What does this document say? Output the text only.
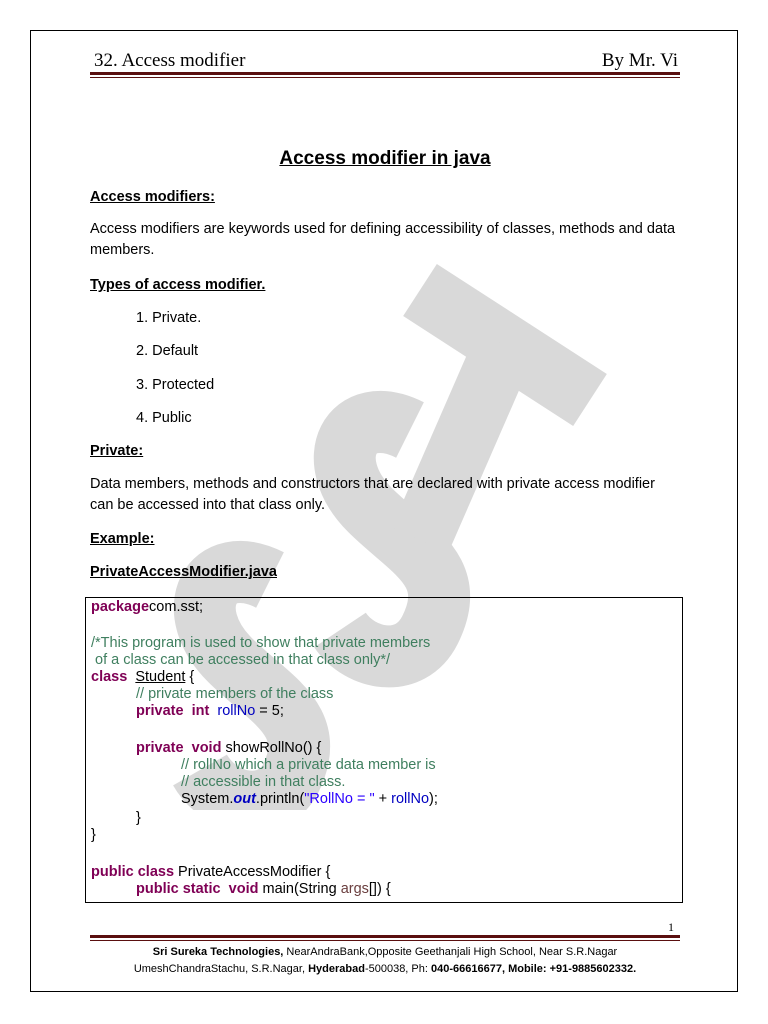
32. Access modifier	By Mr. Vi
Access modifier in java
Access modifiers:
Access modifiers are keywords used for defining accessibility of classes, methods and data members.
Types of access modifier.
1. Private.
2. Default
3. Protected
4. Public
Private:
Data members, methods and constructors that are declared with private access modifier can be accessed into that class only.
Example:
PrivateAccessModifier.java
packagecom.sst;
/*This program is used to show that private members
of a class can be accessed in that class only*/
class Student {
// private members of the class
private int rollNo = 5;
private void showRollNo() {
// rollNo which a private data member is
// accessible in that class.
System.out.println("RollNo = " + rollNo);
}
}
public class PrivateAccessModifier {
public static void main(String args[]) {
1
Sri Sureka Technologies, NearAndraBank,Opposite Geethanjali High School, Near S.R.Nagar
UmeshChandraStachu, S.R.Nagar, Hyderabad-500038, Ph: 040-66616677, Mobile: +91-9885602332.
